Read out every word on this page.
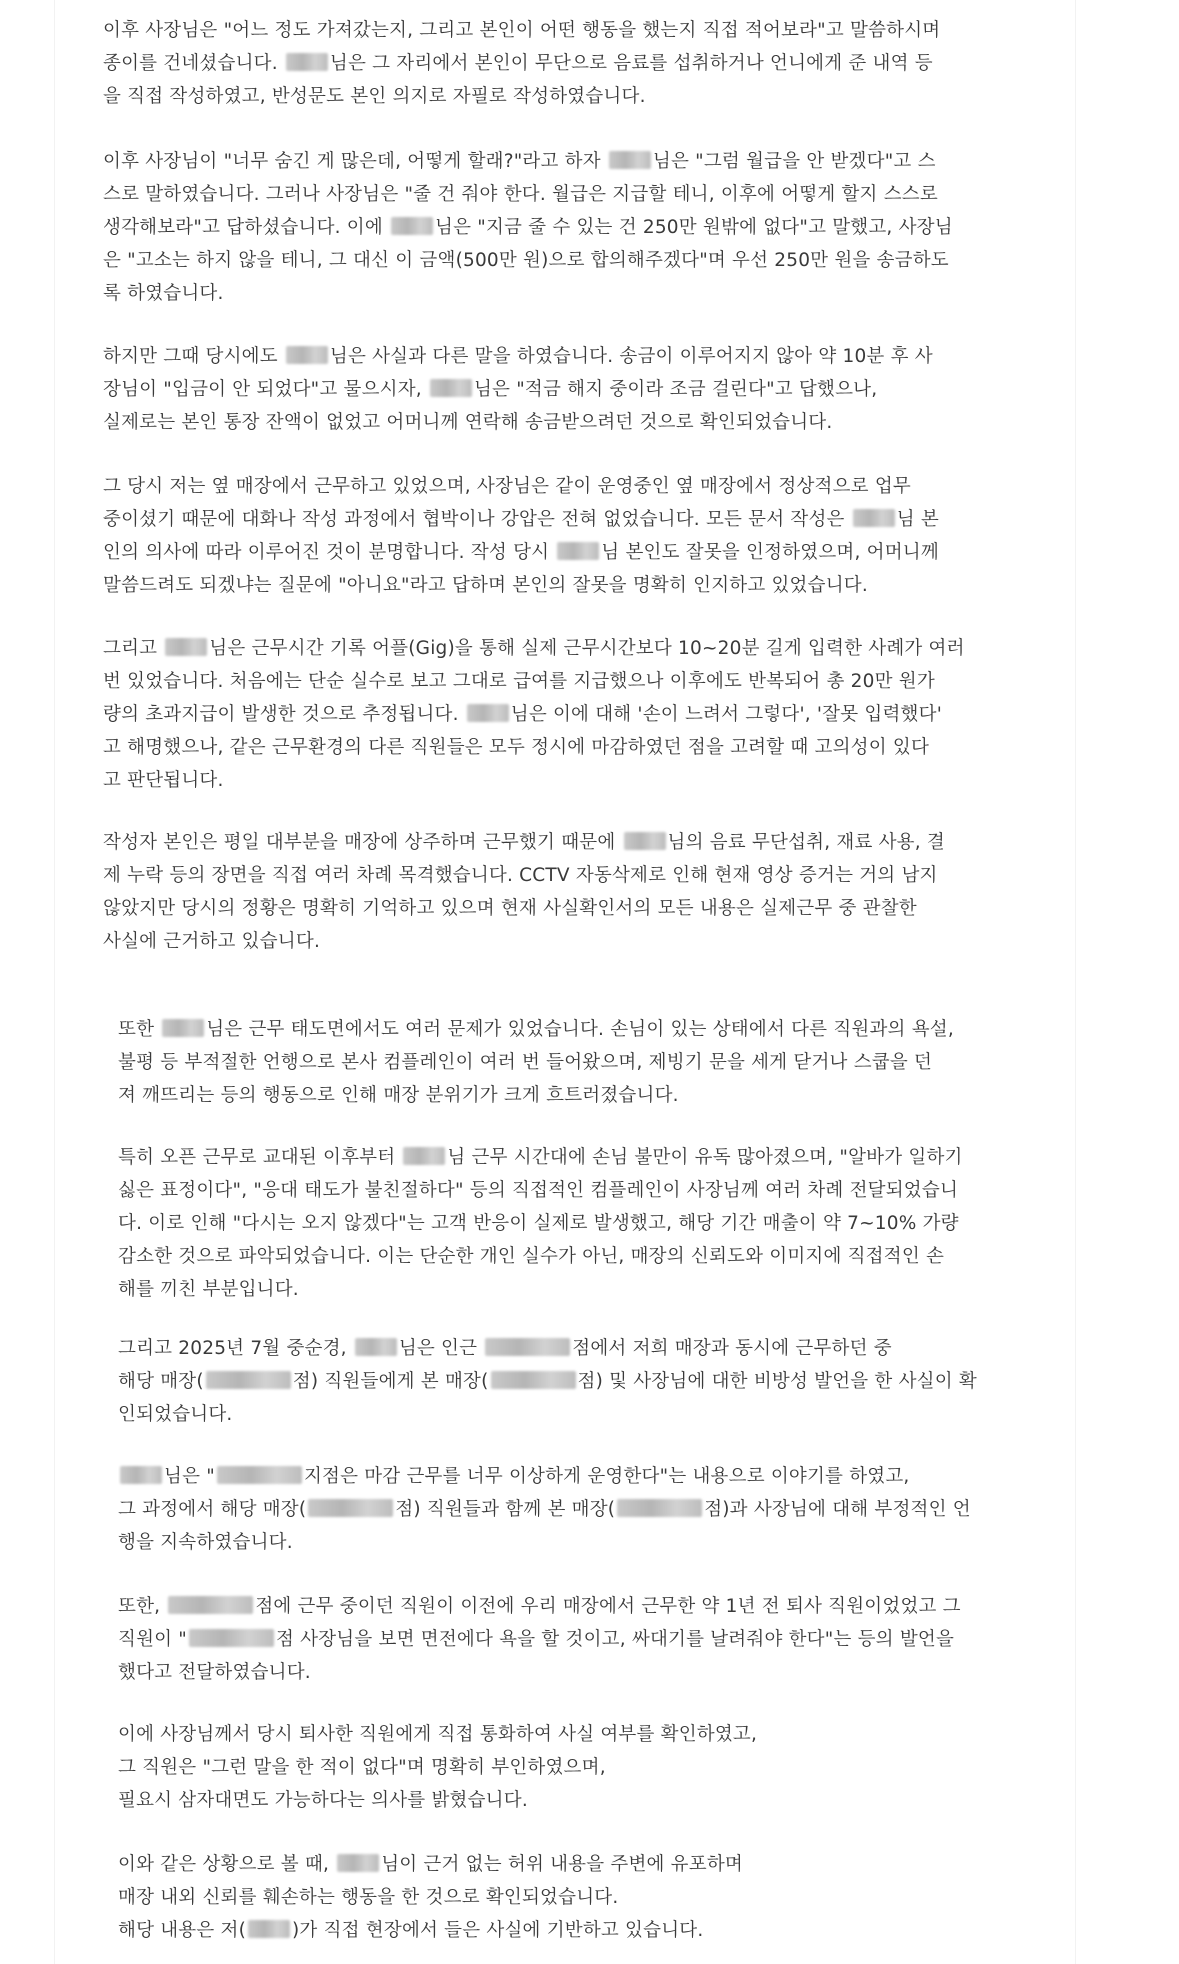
이후 사장님은 "어느 정도 가져갔는지, 그리고 본인이 어떤 행동을 했는지 직접 적어보라"고 말씀하시며
종이를 건네셨습니다. 님은 그 자리에서 본인이 무단으로 음료를 섭취하거나 언니에게 준 내역 등
을 직접 작성하였고, 반성문도 본인 의지로 자필로 작성하였습니다.
이후 사장님이 "너무 숨긴 게 많은데, 어떻게 할래?"라고 하자 님은 "그럼 월급을 안 받겠다"고 스
스로 말하였습니다. 그러나 사장님은 "줄 건 줘야 한다. 월급은 지급할 테니, 이후에 어떻게 할지 스스로
생각해보라"고 답하셨습니다. 이에 님은 "지금 줄 수 있는 건 250만 원밖에 없다"고 말했고, 사장님
은 "고소는 하지 않을 테니, 그 대신 이 금액(500만 원)으로 합의해주겠다"며 우선 250만 원을 송금하도
록 하였습니다.
하지만 그때 당시에도 님은 사실과 다른 말을 하였습니다. 송금이 이루어지지 않아 약 10분 후 사
장님이 "입금이 안 되었다"고 물으시자, 님은 "적금 해지 중이라 조금 걸린다"고 답했으나,
실제로는 본인 통장 잔액이 없었고 어머니께 연락해 송금받으려던 것으로 확인되었습니다.
그 당시 저는 옆 매장에서 근무하고 있었으며, 사장님은 같이 운영중인 옆 매장에서 정상적으로 업무
중이셨기 때문에 대화나 작성 과정에서 협박이나 강압은 전혀 없었습니다. 모든 문서 작성은 님 본
인의 의사에 따라 이루어진 것이 분명합니다. 작성 당시 님 본인도 잘못을 인정하였으며, 어머니께
말씀드려도 되겠냐는 질문에 "아니요"라고 답하며 본인의 잘못을 명확히 인지하고 있었습니다.
그리고 님은 근무시간 기록 어플(Gig)을 통해 실제 근무시간보다 10~20분 길게 입력한 사례가 여러
번 있었습니다. 처음에는 단순 실수로 보고 그대로 급여를 지급했으나 이후에도 반복되어 총 20만 원가
량의 초과지급이 발생한 것으로 추정됩니다. 님은 이에 대해 '손이 느려서 그렇다', '잘못 입력했다'
고 해명했으나, 같은 근무환경의 다른 직원들은 모두 정시에 마감하였던 점을 고려할 때 고의성이 있다
고 판단됩니다.
작성자 본인은 평일 대부분을 매장에 상주하며 근무했기 때문에 님의 음료 무단섭취, 재료 사용, 결
제 누락 등의 장면을 직접 여러 차례 목격했습니다. CCTV 자동삭제로 인해 현재 영상 증거는 거의 남지
않았지만 당시의 정황은 명확히 기억하고 있으며 현재 사실확인서의 모든 내용은 실제근무 중 관찰한
사실에 근거하고 있습니다.
또한 님은 근무 태도면에서도 여러 문제가 있었습니다. 손님이 있는 상태에서 다른 직원과의 욕설,
불평 등 부적절한 언행으로 본사 컴플레인이 여러 번 들어왔으며, 제빙기 문을 세게 닫거나 스쿱을 던
져 깨뜨리는 등의 행동으로 인해 매장 분위기가 크게 흐트러졌습니다.
특히 오픈 근무로 교대된 이후부터 님 근무 시간대에 손님 불만이 유독 많아졌으며, "알바가 일하기
싫은 표정이다", "응대 태도가 불친절하다" 등의 직접적인 컴플레인이 사장님께 여러 차례 전달되었습니
다. 이로 인해 "다시는 오지 않겠다"는 고객 반응이 실제로 발생했고, 해당 기간 매출이 약 7~10% 가량
감소한 것으로 파악되었습니다. 이는 단순한 개인 실수가 아닌, 매장의 신뢰도와 이미지에 직접적인 손
해를 끼친 부분입니다.
그리고 2025년 7월 중순경, 님은 인근	점에서 저희 매장과 동시에 근무하던 중
해당 매장(	점) 직원들에게 본 매장(	점) 및 사장님에 대한 비방성 발언을 한 사실이 확
인되었습니다.
님은 "	지점은 마감 근무를 너무 이상하게 운영한다"는 내용으로 이야기를 하였고,
그 과정에서 해당 매장(	점) 직원들과 함께 본 매장(	점)과 사장님에 대해 부정적인 언
행을 지속하였습니다.
또한,	점에 근무 중이던 직원이 이전에 우리 매장에서 근무한 약 1년 전 퇴사 직원이었었고 그
직원이 "	점 사장님을 보면 면전에다 욕을 할 것이고, 싸대기를 날려줘야 한다"는 등의 발언을
했다고 전달하였습니다.
이에 사장님께서 당시 퇴사한 직원에게 직접 통화하여 사실 여부를 확인하였고,
그 직원은 "그런 말을 한 적이 없다"며 명확히 부인하였으며,
필요시 삼자대면도 가능하다는 의사를 밝혔습니다.
이와 같은 상황으로 볼 때, 님이 근거 없는 허위 내용을 주변에 유포하며
매장 내외 신뢰를 훼손하는 행동을 한 것으로 확인되었습니다.
해당 내용은 저( )가 직접 현장에서 들은 사실에 기반하고 있습니다.
